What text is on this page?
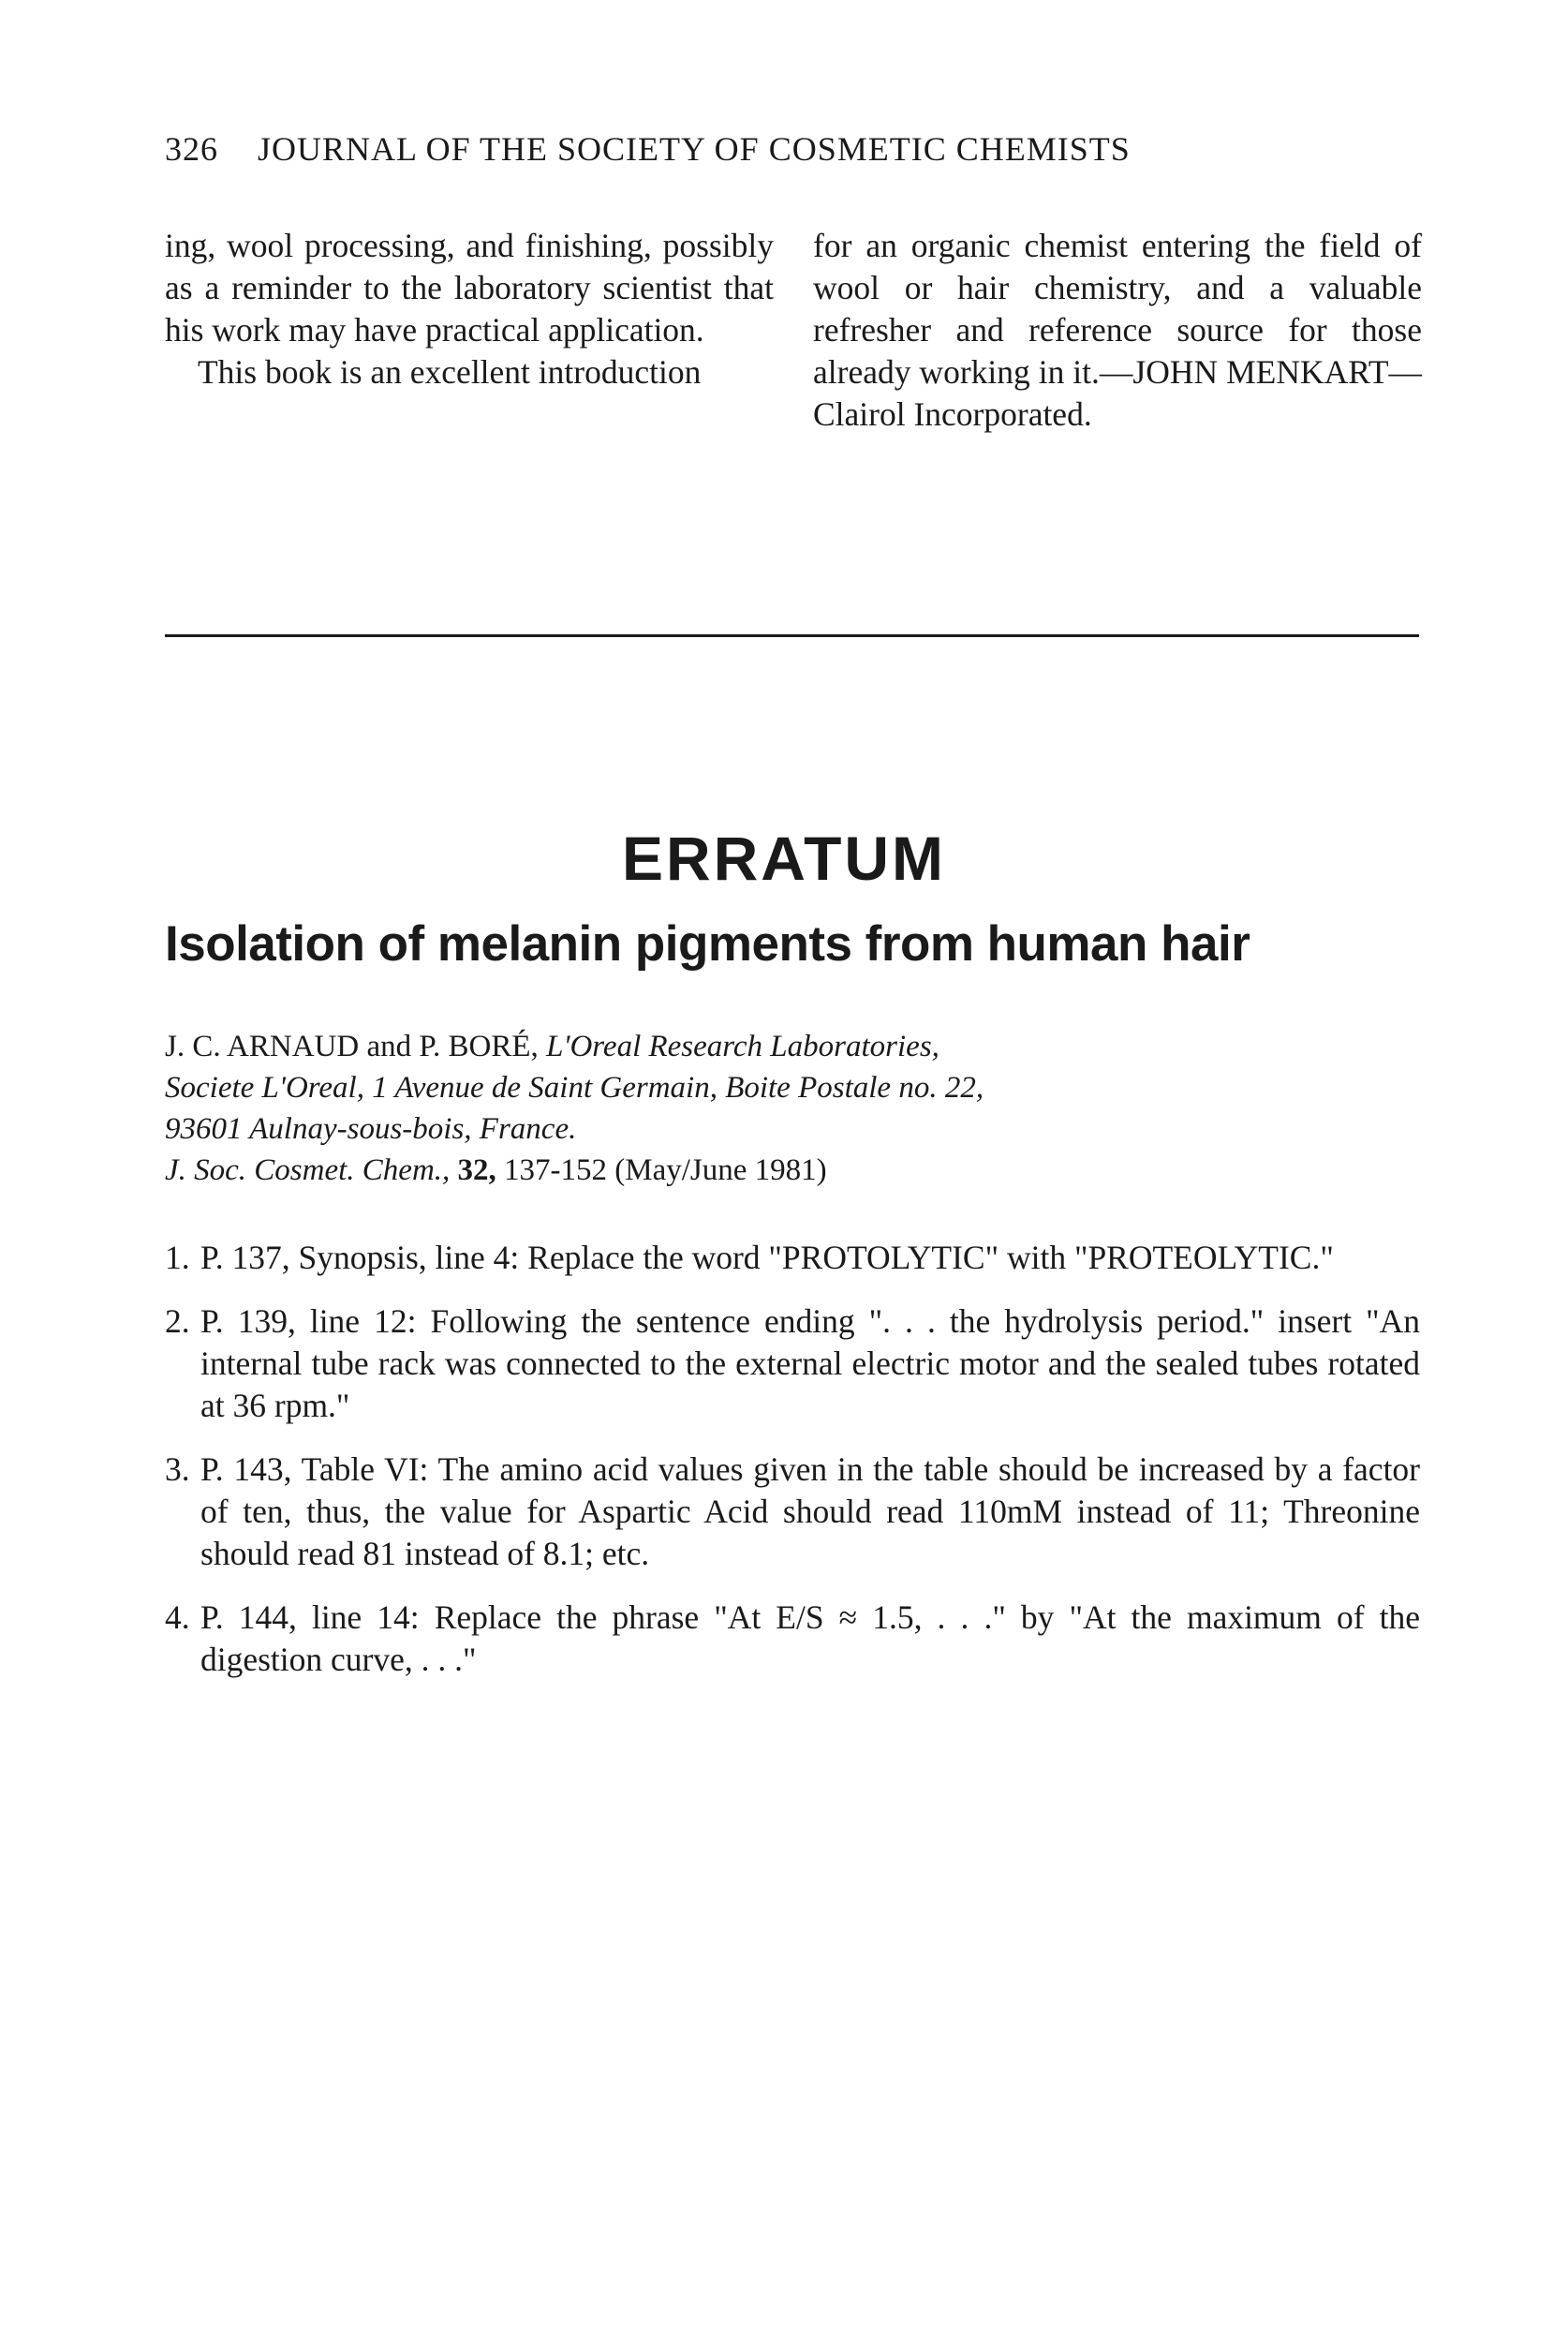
326 JOURNAL OF THE SOCIETY OF COSMETIC CHEMISTS

ing, wool processing, and finishing, possibly as a reminder to the laboratory scientist that his work may have practical application.

This book is an excellent introduction

for an organic chemist entering the field of wool or hair chemistry, and a valuable refresher and reference source for those already working in it.—JOHN MENKART—Clairol Incorporated.

ERRATUM
Isolation of melanin pigments from human hair
J. C. ARNAUD and P. BORÉ, L'Oreal Research Laboratories,
Societe L'Oreal, 1 Avenue de Saint Germain, Boite Postale no. 22,
93601 Aulnay-sous-bois, France.
J. Soc. Cosmet. Chem., 32, 137-152 (May/June 1981)
1. P. 137, Synopsis, line 4: Replace the word "PROTOLYTIC" with "PROTEOLYTIC."
2. P. 139, line 12: Following the sentence ending ". . . the hydrolysis period." insert "An internal tube rack was connected to the external electric motor and the sealed tubes rotated at 36 rpm."
3. P. 143, Table VI: The amino acid values given in the table should be increased by a factor of ten, thus, the value for Aspartic Acid should read 110mM instead of 11; Threonine should read 81 instead of 8.1; etc.
4. P. 144, line 14: Replace the phrase "At E/S ≈ 1.5, . . ." by "At the maximum of the digestion curve, . . ."
